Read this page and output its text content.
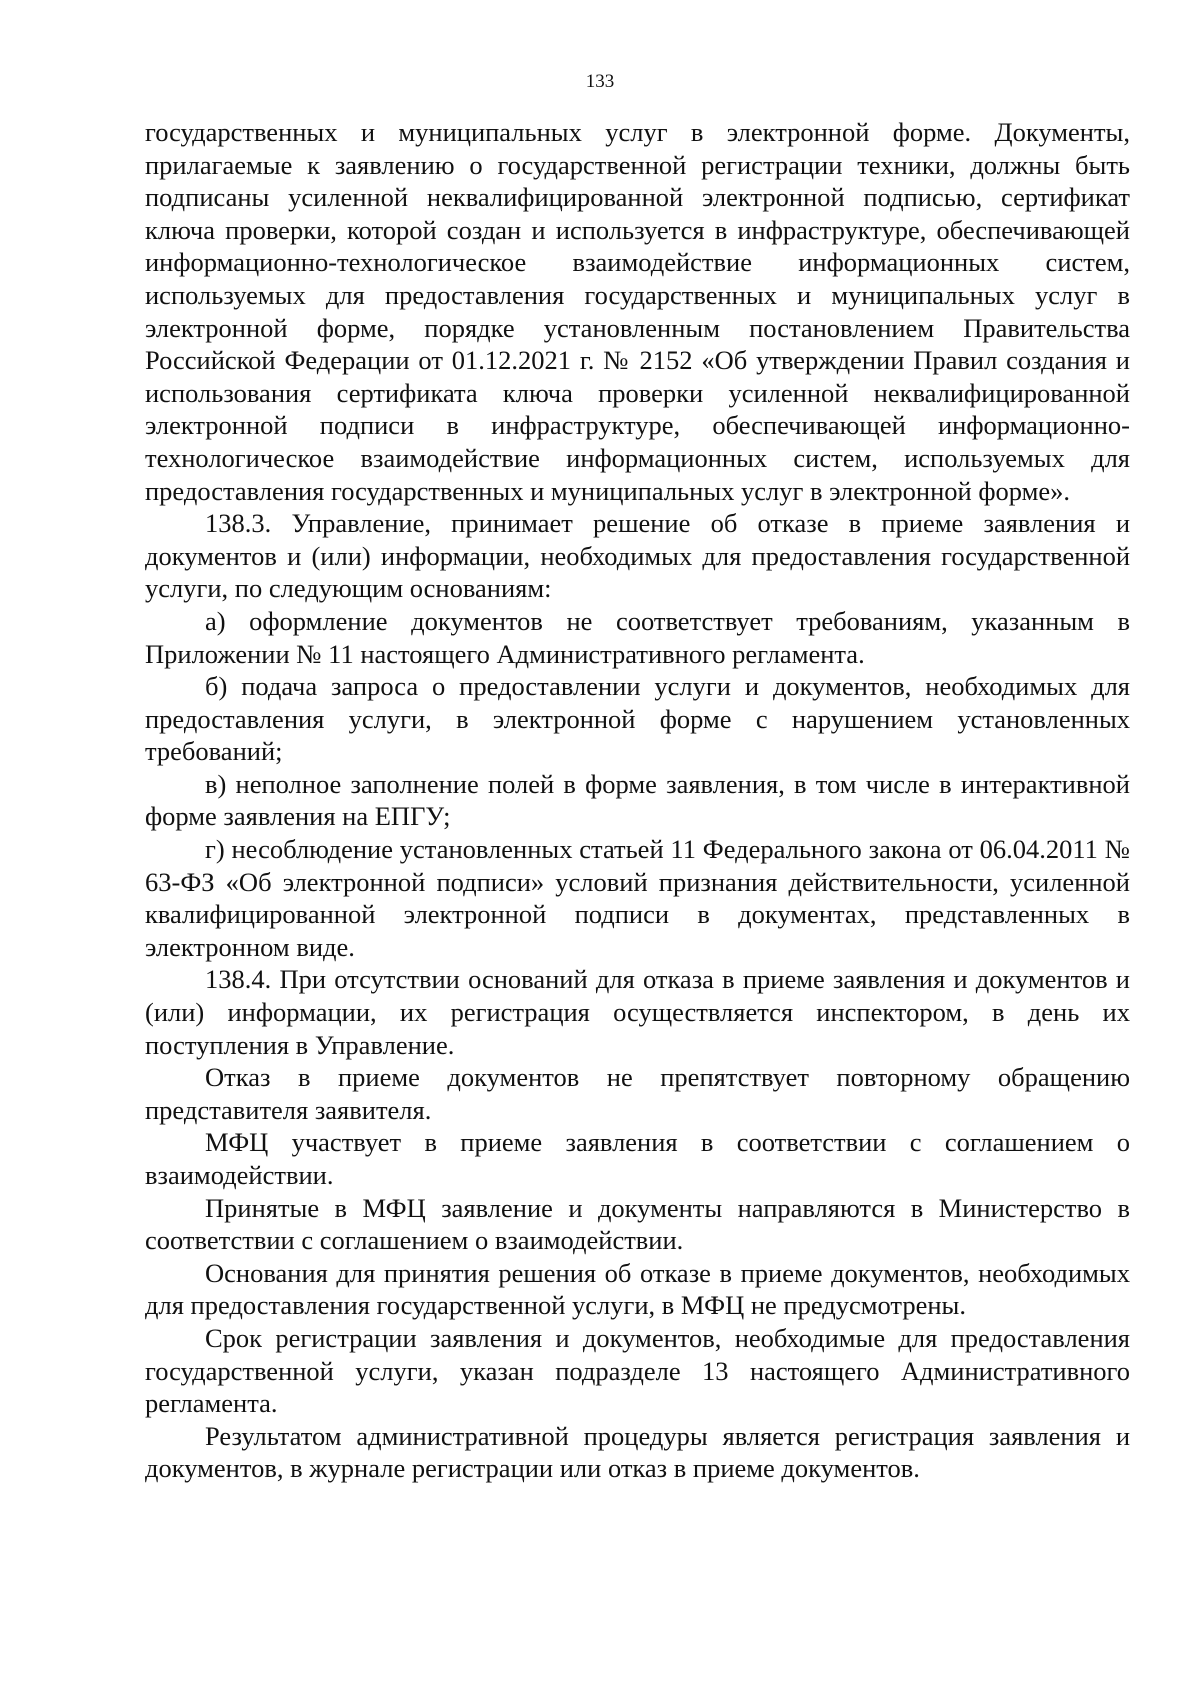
133

государственных и муниципальных услуг в электронной форме. Документы, прилагаемые к заявлению о государственной регистрации техники, должны быть подписаны усиленной неквалифицированной электронной подписью, сертификат ключа проверки, которой создан и используется в инфраструктуре, обеспечивающей информационно-технологическое взаимодействие информационных систем, используемых для предоставления государственных и муниципальных услуг в электронной форме, порядке установленным постановлением Правительства Российской Федерации от 01.12.2021 г. № 2152 «Об утверждении Правил создания и использования сертификата ключа проверки усиленной неквалифицированной электронной подписи в инфраструктуре, обеспечивающей информационно-технологическое взаимодействие информационных систем, используемых для предоставления государственных и муниципальных услуг в электронной форме».

138.3. Управление, принимает решение об отказе в приеме заявления и документов и (или) информации, необходимых для предоставления государственной услуги, по следующим основаниям:

а) оформление документов не соответствует требованиям, указанным в Приложении № 11 настоящего Административного регламента.

б) подача запроса о предоставлении услуги и документов, необходимых для предоставления услуги, в электронной форме с нарушением установленных требований;

в) неполное заполнение полей в форме заявления, в том числе в интерактивной форме заявления на ЕПГУ;

г) несоблюдение установленных статьей 11 Федерального закона от 06.04.2011 № 63-ФЗ «Об электронной подписи» условий признания действительности, усиленной квалифицированной электронной подписи в документах, представленных в электронном виде.

138.4. При отсутствии оснований для отказа в приеме заявления и документов и (или) информации, их регистрация осуществляется инспектором, в день их поступления в Управление.

Отказ в приеме документов не препятствует повторному обращению представителя заявителя.

МФЦ участвует в приеме заявления в соответствии с соглашением о взаимодействии.

Принятые в МФЦ заявление и документы направляются в Министерство в соответствии с соглашением о взаимодействии.

Основания для принятия решения об отказе в приеме документов, необходимых для предоставления государственной услуги, в МФЦ не предусмотрены.

Срок регистрации заявления и документов, необходимые для предоставления государственной услуги, указан подразделе 13 настоящего Административного регламента.

Результатом административной процедуры является регистрация заявления и документов, в журнале регистрации или отказ в приеме документов.
